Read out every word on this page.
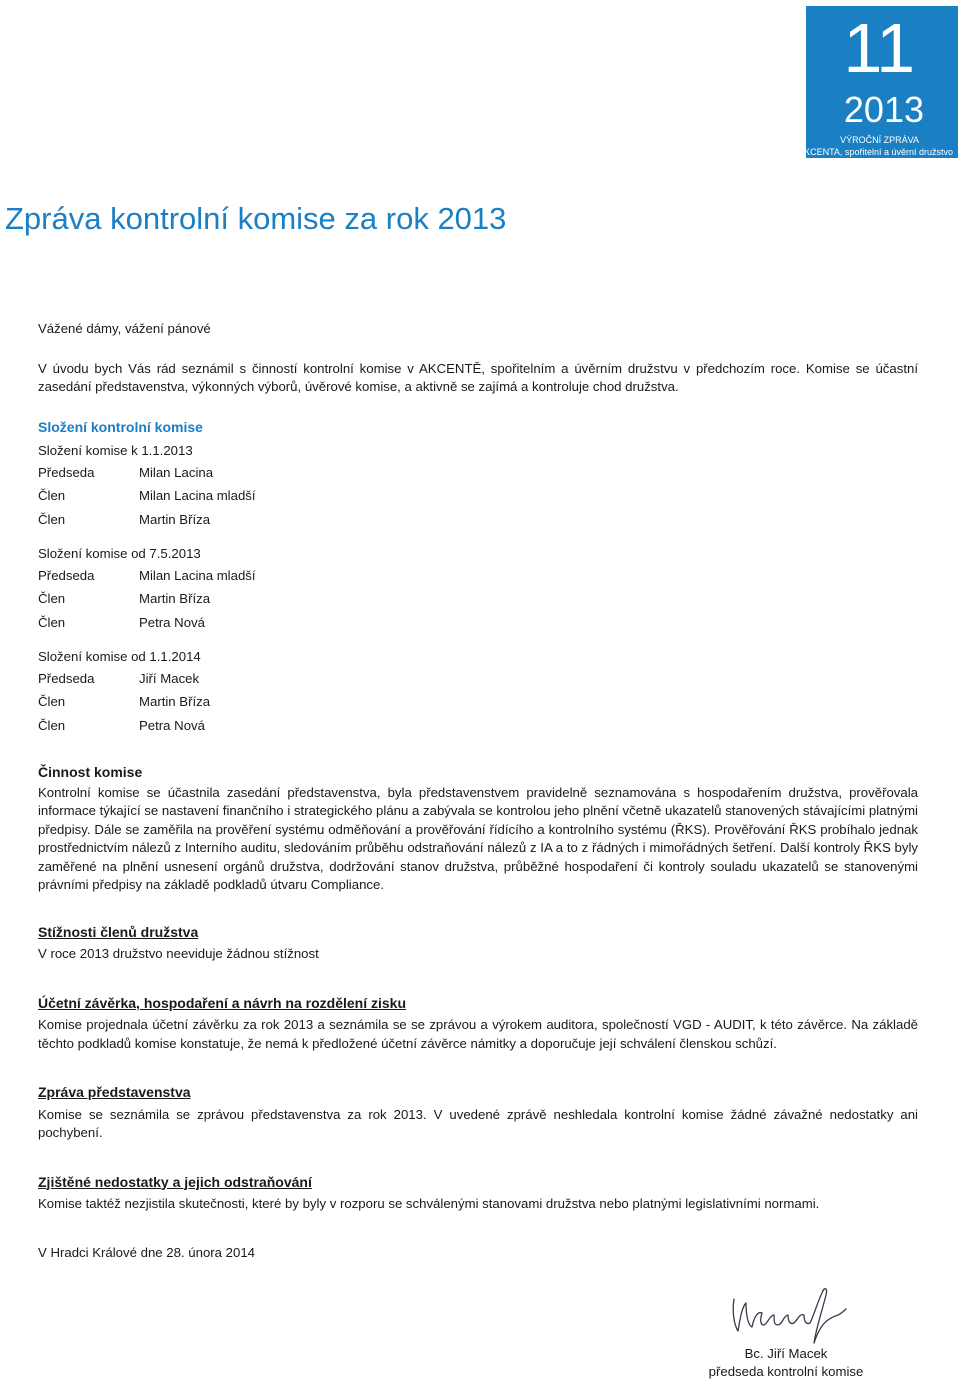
11
2013
VÝROČNÍ ZPRÁVA
AKCENTA, spořitelní a úvěrní družstvo
Zpráva kontrolní komise za rok 2013

Vážené dámy, vážení pánové

V úvodu bych Vás rád seznámil s činností kontrolní komise v AKCENTĚ, spořitelním a úvěrním družstvu v předchozím roce. Komise se účastní zasedání představenstva, výkonných výborů, úvěrové komise, a aktivně se zajímá a kontroluje chod družstva.

Složení kontrolní komise

Složení komise k 1.1.2013

Předseda	Milan Lacina
Člen	Milan Lacina mladší
Člen	Martin Bříza

Složení komise od 7.5.2013

Předseda	Milan Lacina mladší
Člen	Martin Bříza
Člen	Petra Nová

Složení komise od 1.1.2014

Předseda	Jiří Macek
Člen	Martin Bříza
Člen	Petra Nová

Činnost komise

Kontrolní komise se účastnila zasedání představenstva, byla představenstvem pravidelně seznamována s hospodařením družstva, prověřovala informace týkající se nastavení finančního i strategického plánu a zabývala se kontrolou jeho plnění včetně ukazatelů stanovených stávajícími platnými předpisy. Dále se zaměřila na prověření systému odměňování a prověřování řídícího a kontrolního systému (ŘKS). Prověřování ŘKS probíhalo jednak prostřednictvím nálezů z Interního auditu, sledováním průběhu odstraňování nálezů z IA a to z řádných i mimořádných šetření. Další kontroly ŘKS byly zaměřené na plnění usnesení orgánů družstva, dodržování stanov družstva, průběžné hospodaření či kontroly souladu ukazatelů se stanovenými právními předpisy na základě podkladů útvaru Compliance.

Stížnosti členů družstva

V roce 2013 družstvo neeviduje žádnou stížnost

Účetní závěrka, hospodaření a návrh na rozdělení zisku

Komise projednala účetní závěrku za rok 2013 a seznámila se se zprávou a výrokem auditora, společností VGD - AUDIT, k této závěrce. Na základě těchto podkladů komise konstatuje, že nemá k předložené účetní závěrce námitky a doporučuje její schválení členskou schůzí.

Zpráva představenstva

Komise se seznámila se zprávou představenstva za rok 2013. V uvedené zprávě neshledala kontrolní komise žádné závažné nedostatky ani pochybení.

Zjištěné nedostatky a jejich odstraňování

Komise taktéž nezjistila skutečnosti, které by byly v rozporu se schválenými stanovami družstva nebo platnými legislativními normami.

V Hradci Králové dne 28. února 2014

Bc. Jiří Macek
předseda kontrolní komise
